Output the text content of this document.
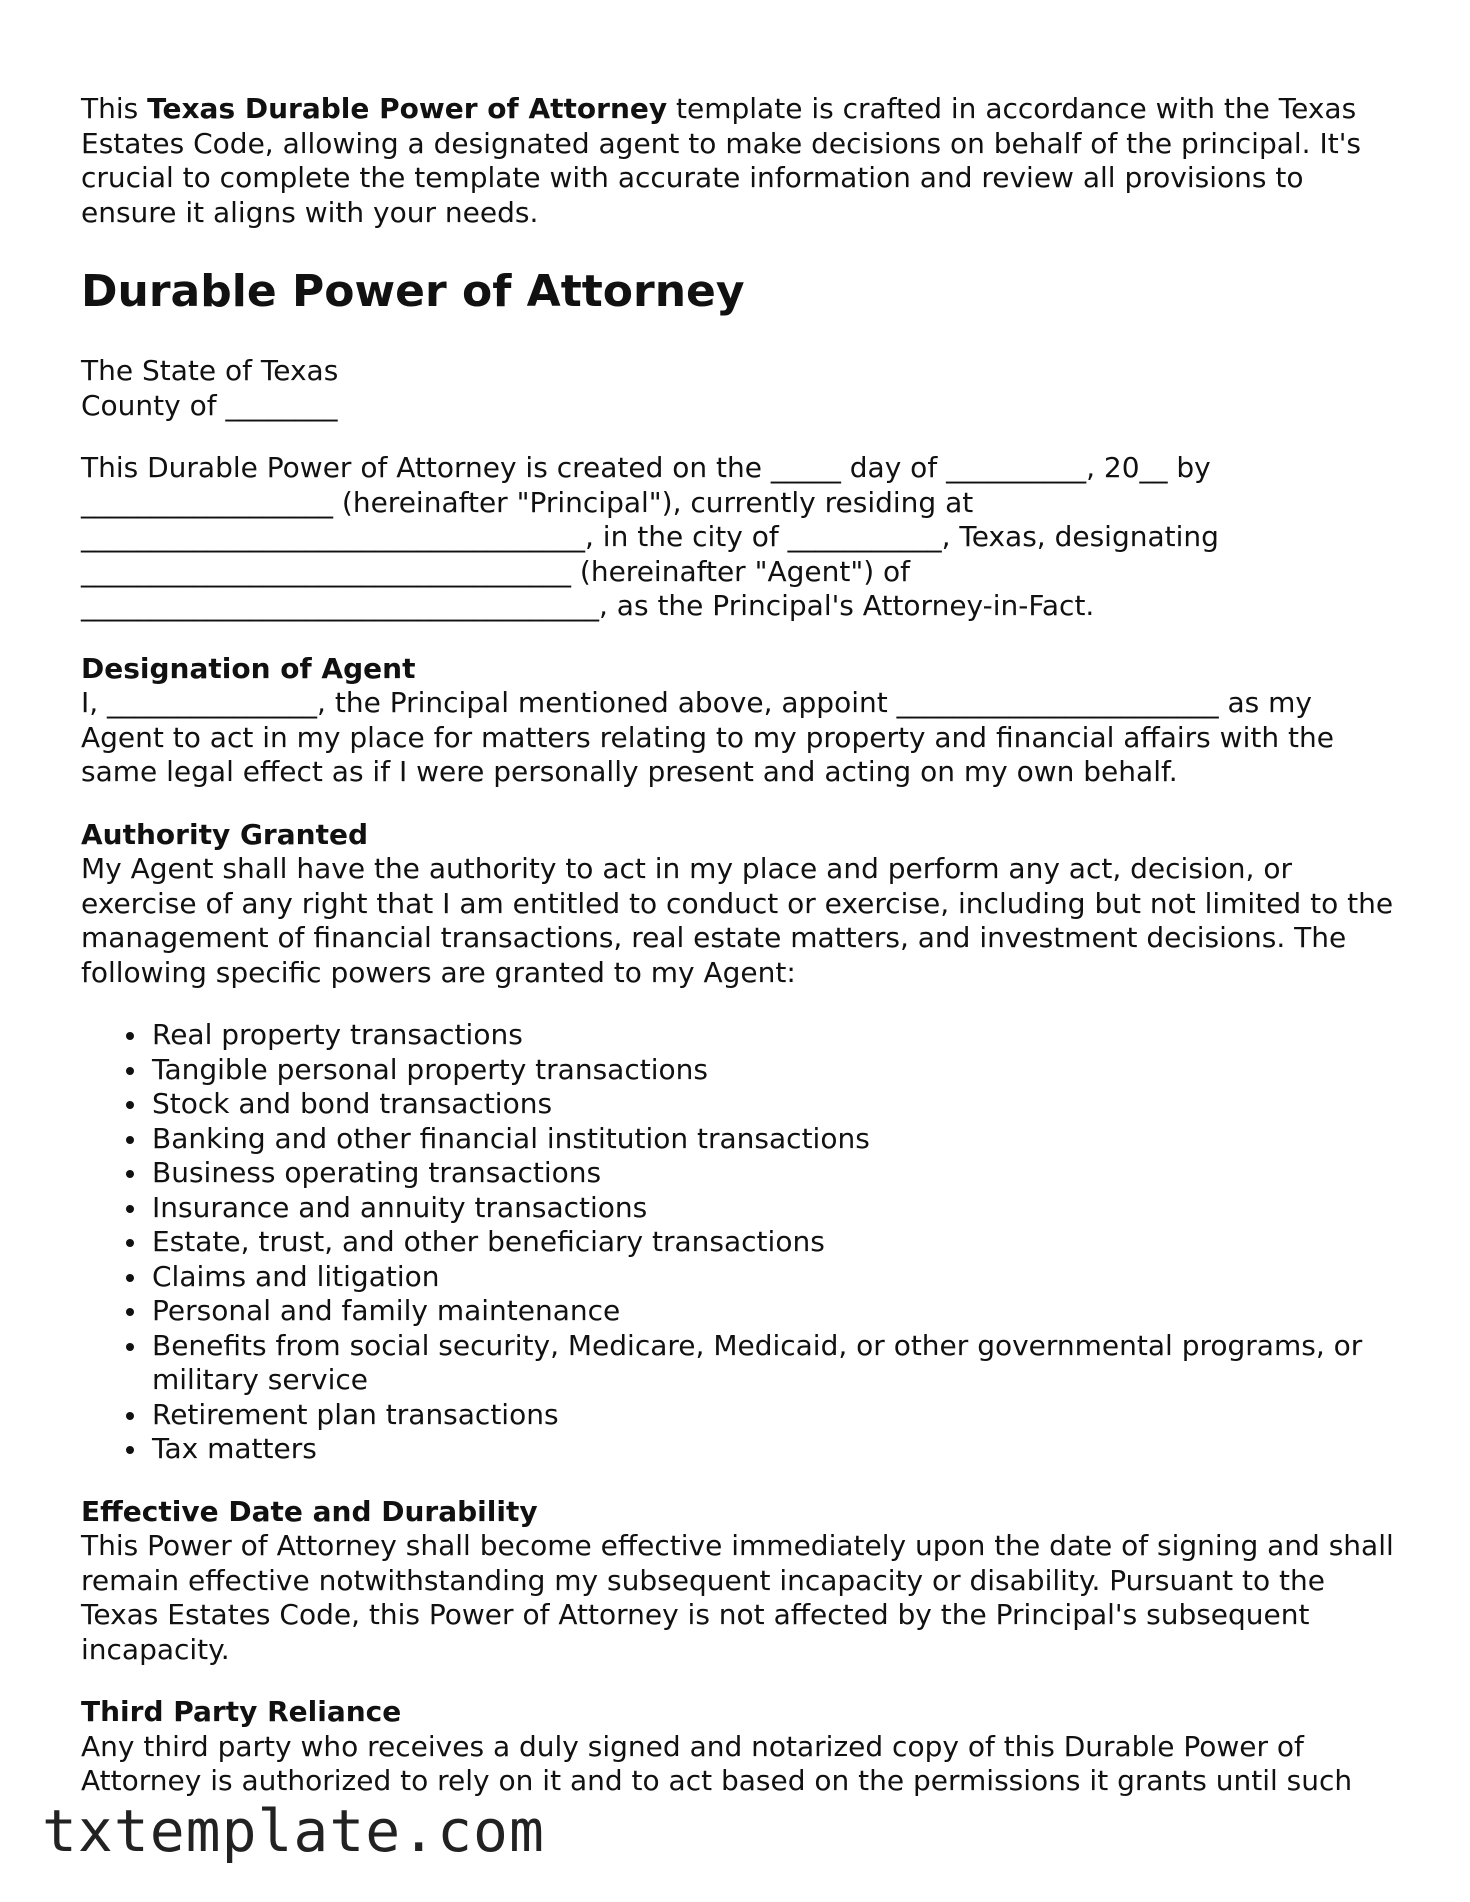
This Texas Durable Power of Attorney template is crafted in accordance with the Texas Estates Code, allowing a designated agent to make decisions on behalf of the principal. It's crucial to complete the template with accurate information and review all provisions to ensure it aligns with your needs.

Durable Power of Attorney

The State of Texas

County of ________

This Durable Power of Attorney is created on the _____ day of __________, 20__ by __________________ (hereinafter "Principal"), currently residing at ____________________________________, in the city of ___________, Texas, designating ___________________________________ (hereinafter "Agent") of _____________________________________, as the Principal's Attorney-in-Fact.

Designation of Agent

I, _______________, the Principal mentioned above, appoint _______________________ as my Agent to act in my place for matters relating to my property and financial affairs with the same legal effect as if I were personally present and acting on my own behalf.

Authority Granted

My Agent shall have the authority to act in my place and perform any act, decision, or exercise of any right that I am entitled to conduct or exercise, including but not limited to the management of financial transactions, real estate matters, and investment decisions. The following specific powers are granted to my Agent:

Real property transactions
Tangible personal property transactions
Stock and bond transactions
Banking and other financial institution transactions
Business operating transactions
Insurance and annuity transactions
Estate, trust, and other beneficiary transactions
Claims and litigation
Personal and family maintenance
Benefits from social security, Medicare, Medicaid, or other governmental programs, or military service
Retirement plan transactions
Tax matters

Effective Date and Durability

This Power of Attorney shall become effective immediately upon the date of signing and shall remain effective notwithstanding my subsequent incapacity or disability. Pursuant to the Texas Estates Code, this Power of Attorney is not affected by the Principal's subsequent incapacity.

Third Party Reliance

Any third party who receives a duly signed and notarized copy of this Durable Power of Attorney is authorized to rely on it and to act based on the permissions it grants until such

txtemplate.com
